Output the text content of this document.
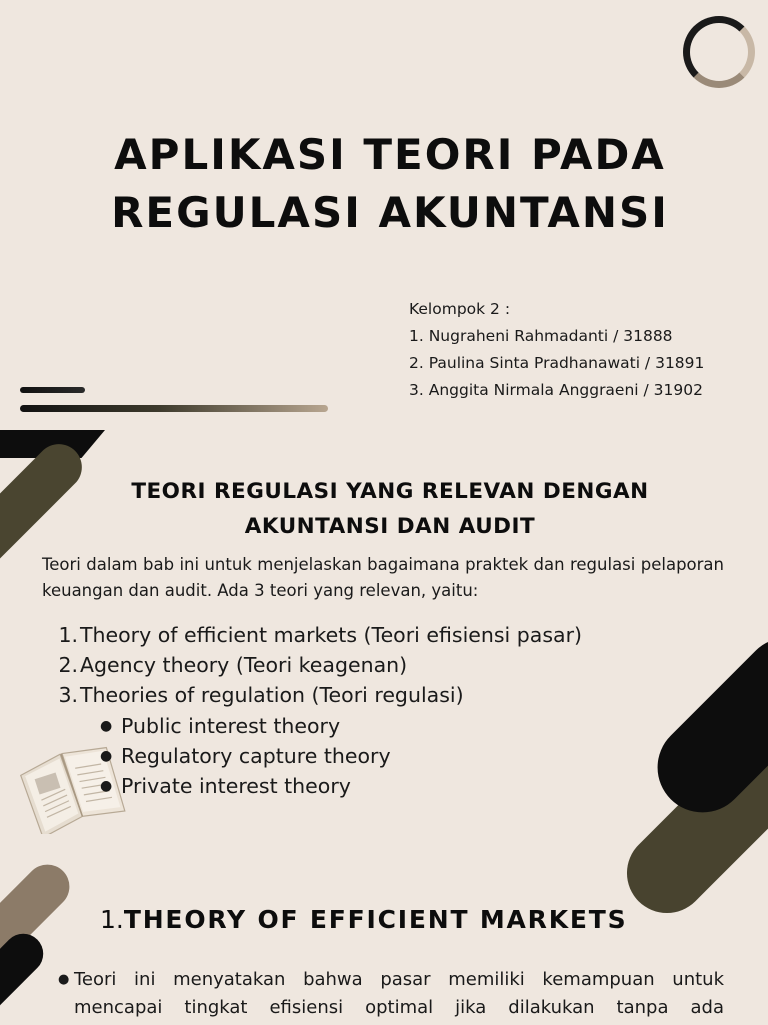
APLIKASI TEORI PADA
REGULASI AKUNTANSI
Kelompok 2 :
1. Nugraheni Rahmadanti / 31888
2. Paulina Sinta Pradhanawati / 31891
3. Anggita Nirmala Anggraeni / 31902
TEORI REGULASI YANG RELEVAN DENGAN
AKUNTANSI DAN AUDIT
Teori dalam bab ini untuk menjelaskan bagaimana praktek dan regulasi pelaporan keuangan dan audit. Ada 3 teori yang relevan, yaitu:
1. Theory of efficient markets (Teori efisiensi pasar)
2. Agency theory (Teori keagenan)
3. Theories of regulation (Teori regulasi)
● Public interest theory
● Regulatory capture theory
● Private interest theory
1.THEORY OF EFFICIENT MARKETS
● Teori ini menyatakan bahwa pasar memiliki kemampuan untuk mencapai tingkat efisiensi optimal jika dilakukan tanpa ada
